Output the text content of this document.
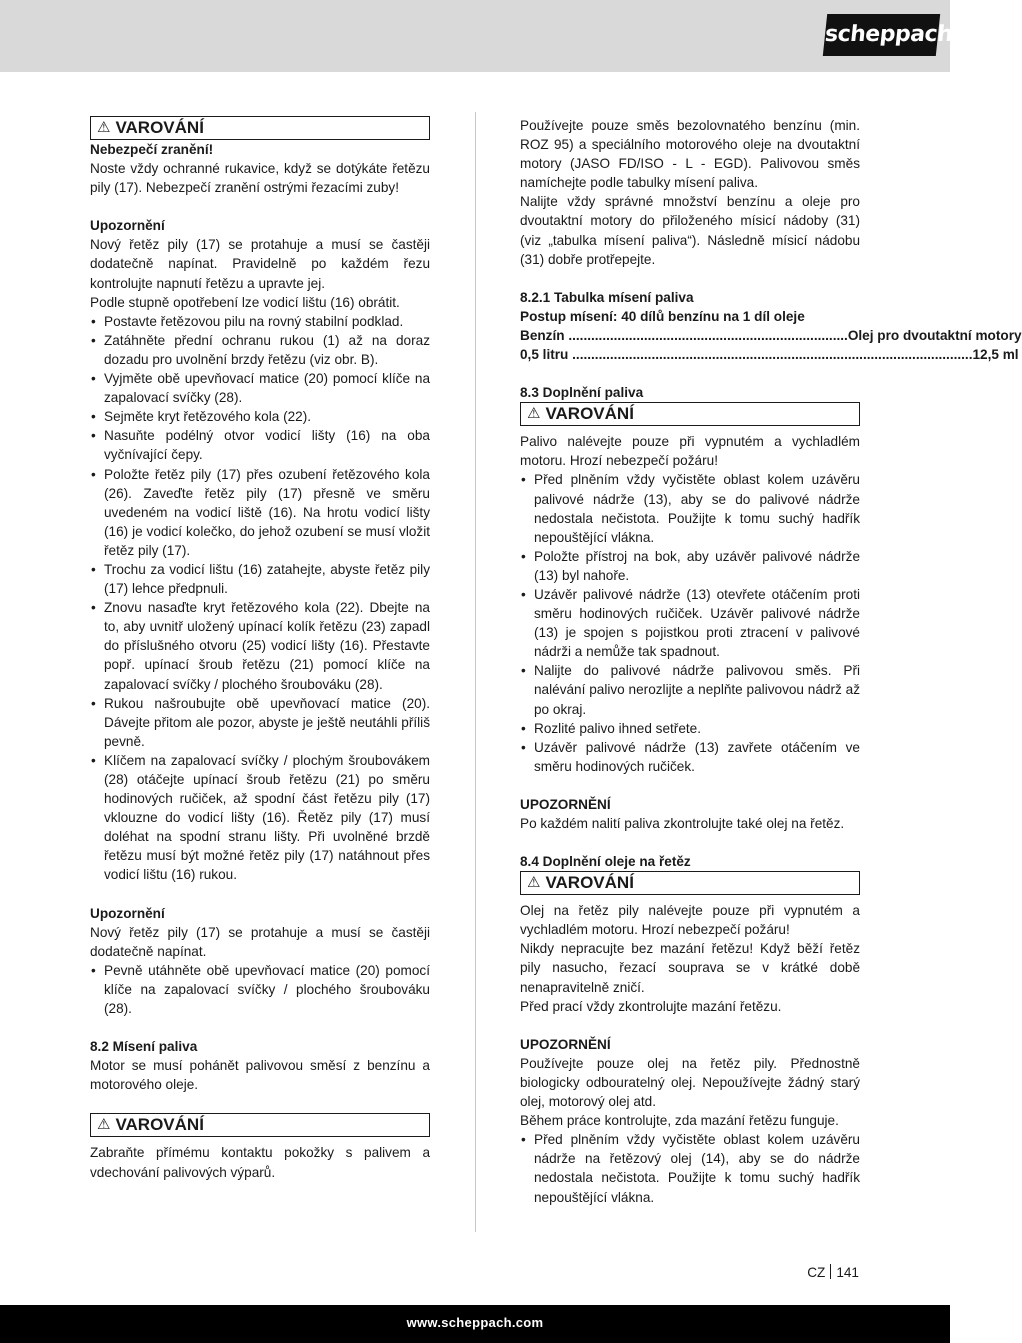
scheppach
⚠ VAROVÁNÍ

Nebezpečí zranění!

Noste vždy ochranné rukavice, když se dotýkáte řetězu pily (17). Nebezpečí zranění ostrými řezacími zuby!

Upozornění

Nový řetěz pily (17) se protahuje a musí se častěji dodatečně napínat. Pravidelně po každém řezu kontrolujte napnutí řetězu a upravte jej.

Podle stupně opotřebení lze vodicí lištu (16) obrátit.

• Postavte řetězovou pilu na rovný stabilní podklad.
• Zatáhněte přední ochranu rukou (1) až na doraz dozadu pro uvolnění brzdy řetězu (viz obr. B).
• Vyjměte obě upevňovací matice (20) pomocí klíče na zapalovací svíčky (28).
• Sejměte kryt řetězového kola (22).
• Nasuňte podélný otvor vodicí lišty (16) na oba vyčnívající čepy.
• Položte řetěz pily (17) přes ozubení řetězového kola (26). Zaveďte řetěz pily (17) přesně ve směru uvedeném na vodicí liště (16). Na hrotu vodicí lišty (16) je vodicí kolečko, do jehož ozubení se musí vložit řetěz pily (17).
• Trochu za vodicí lištu (16) zatahejte, abyste řetěz pily (17) lehce předpnuli.
• Znovu nasaďte kryt řetězového kola (22). Dbejte na to, aby uvnitř uložený upínací kolík řetězu (23) zapadl do příslušného otvoru (25) vodicí lišty (16). Přestavte popř. upínací šroub řetězu (21) pomocí klíče na zapalovací svíčky / plochého šroubováku (28).
• Rukou našroubujte obě upevňovací matice (20). Dávejte přitom ale pozor, abyste je ještě neutáhli příliš pevně.
• Klíčem na zapalovací svíčky / plochým šroubovákem (28) otáčejte upínací šroub řetězu (21) po směru hodinových ručiček, až spodní část řetězu pily (17) vklouzne do vodicí lišty (16). Řetěz pily (17) musí doléhat na spodní stranu lišty. Při uvolněné brzdě řetězu musí být možné řetěz pily (17) natáhnout přes vodicí lištu (16) rukou.

Upozornění

Nový řetěz pily (17) se protahuje a musí se častěji dodatečně napínat.

• Pevně utáhněte obě upevňovací matice (20) pomocí klíče na zapalovací svíčky / plochého šroubováku (28).

8.2 Mísení paliva

Motor se musí pohánět palivovou směsí z benzínu a motorového oleje.

⚠ VAROVÁNÍ

Zabraňte přímému kontaktu pokožky s palivem a vdechování palivových výparů.

Používejte pouze směs bezolovnatého benzínu (min. ROZ 95) a speciálního motorového oleje na dvoutaktní motory (JASO FD/ISO - L - EGD). Palivovou směs namíchejte podle tabulky mísení paliva.

Nalijte vždy správné množství benzínu a oleje pro dvoutaktní motory do přiloženého mísicí nádoby (31) (viz „tabulka mísení paliva“). Následně mísicí nádobu (31) dobře protřepejte.

8.2.1 Tabulka mísení paliva

Postup mísení: 40 dílů benzínu na 1 díl oleje

Benzín .......................................................................... Olej pro dvoutaktní motory
0,5 litru .......................................................................................................... 12,5 ml

8.3 Doplnění paliva

⚠ VAROVÁNÍ

Palivo nalévejte pouze při vypnutém a vychladlém motoru. Hrozí nebezpečí požáru!

• Před plněním vždy vyčistěte oblast kolem uzávěru palivové nádrže (13), aby se do palivové nádrže nedostala nečistota. Použijte k tomu suchý hadřík nepouštějící vlákna.
• Položte přístroj na bok, aby uzávěr palivové nádrže (13) byl nahoře.
• Uzávěr palivové nádrže (13) otevřete otáčením proti směru hodinových ručiček. Uzávěr palivové nádrže (13) je spojen s pojistkou proti ztracení v palivové nádrži a nemůže tak spadnout.
• Nalijte do palivové nádrže palivovou směs. Při nalévání palivo nerozlijte a neplňte palivovou nádrž až po okraj.
• Rozlité palivo ihned setřete.
• Uzávěr palivové nádrže (13) zavřete otáčením ve směru hodinových ručiček.

UPOZORNĚNÍ

Po každém nalití paliva zkontrolujte také olej na řetěz.

8.4 Doplnění oleje na řetěz

⚠ VAROVÁNÍ

Olej na řetěz pily nalévejte pouze při vypnutém a vychladlém motoru. Hrozí nebezpečí požáru!

Nikdy nepracujte bez mazání řetězu! Když běží řetěz pily nasucho, řezací souprava se v krátké době nenapravitelně zničí.

Před prací vždy zkontrolujte mazání řetězu.

UPOZORNĚNÍ

Používejte pouze olej na řetěz pily. Přednostně biologicky odbouratelný olej. Nepoužívejte žádný starý olej, motorový olej atd.

Během práce kontrolujte, zda mazání řetězu funguje.

• Před plněním vždy vyčistěte oblast kolem uzávěru nádrže na řetězový olej (14), aby se do nádrže nedostala nečistota. Použijte k tomu suchý hadřík nepouštějící vlákna.
CZ 141
www.scheppach.com
